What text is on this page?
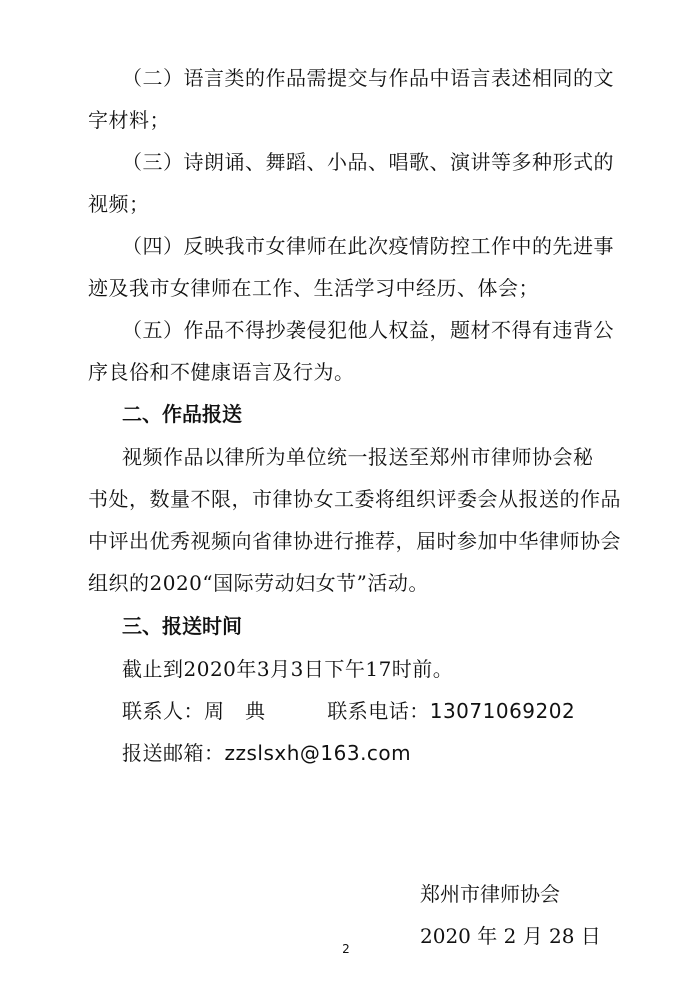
（二）语言类的作品需提交与作品中语言表述相同的文
字材料；
（三）诗朗诵、舞蹈、小品、唱歌、演讲等多种形式的
视频；
（四）反映我市女律师在此次疫情防控工作中的先进事
迹及我市女律师在工作、生活学习中经历、体会；
（五）作品不得抄袭侵犯他人权益，题材不得有违背公
序良俗和不健康语言及行为。
二、作品报送
视频作品以律所为单位统一报送至郑州市律师协会秘
书处，数量不限，市律协女工委将组织评委会从报送的作品
中评出优秀视频向省律协进行推荐，届时参加中华律师协会
组织的2020“国际劳动妇女节”活动。
三、报送时间
截止到2020年3月3日下午17时前。
联系人：周　典	联系电话：13071069202
报送邮箱：zzslsxh@163.com
郑州市律师协会
2020 年 2 月 28 日
2
